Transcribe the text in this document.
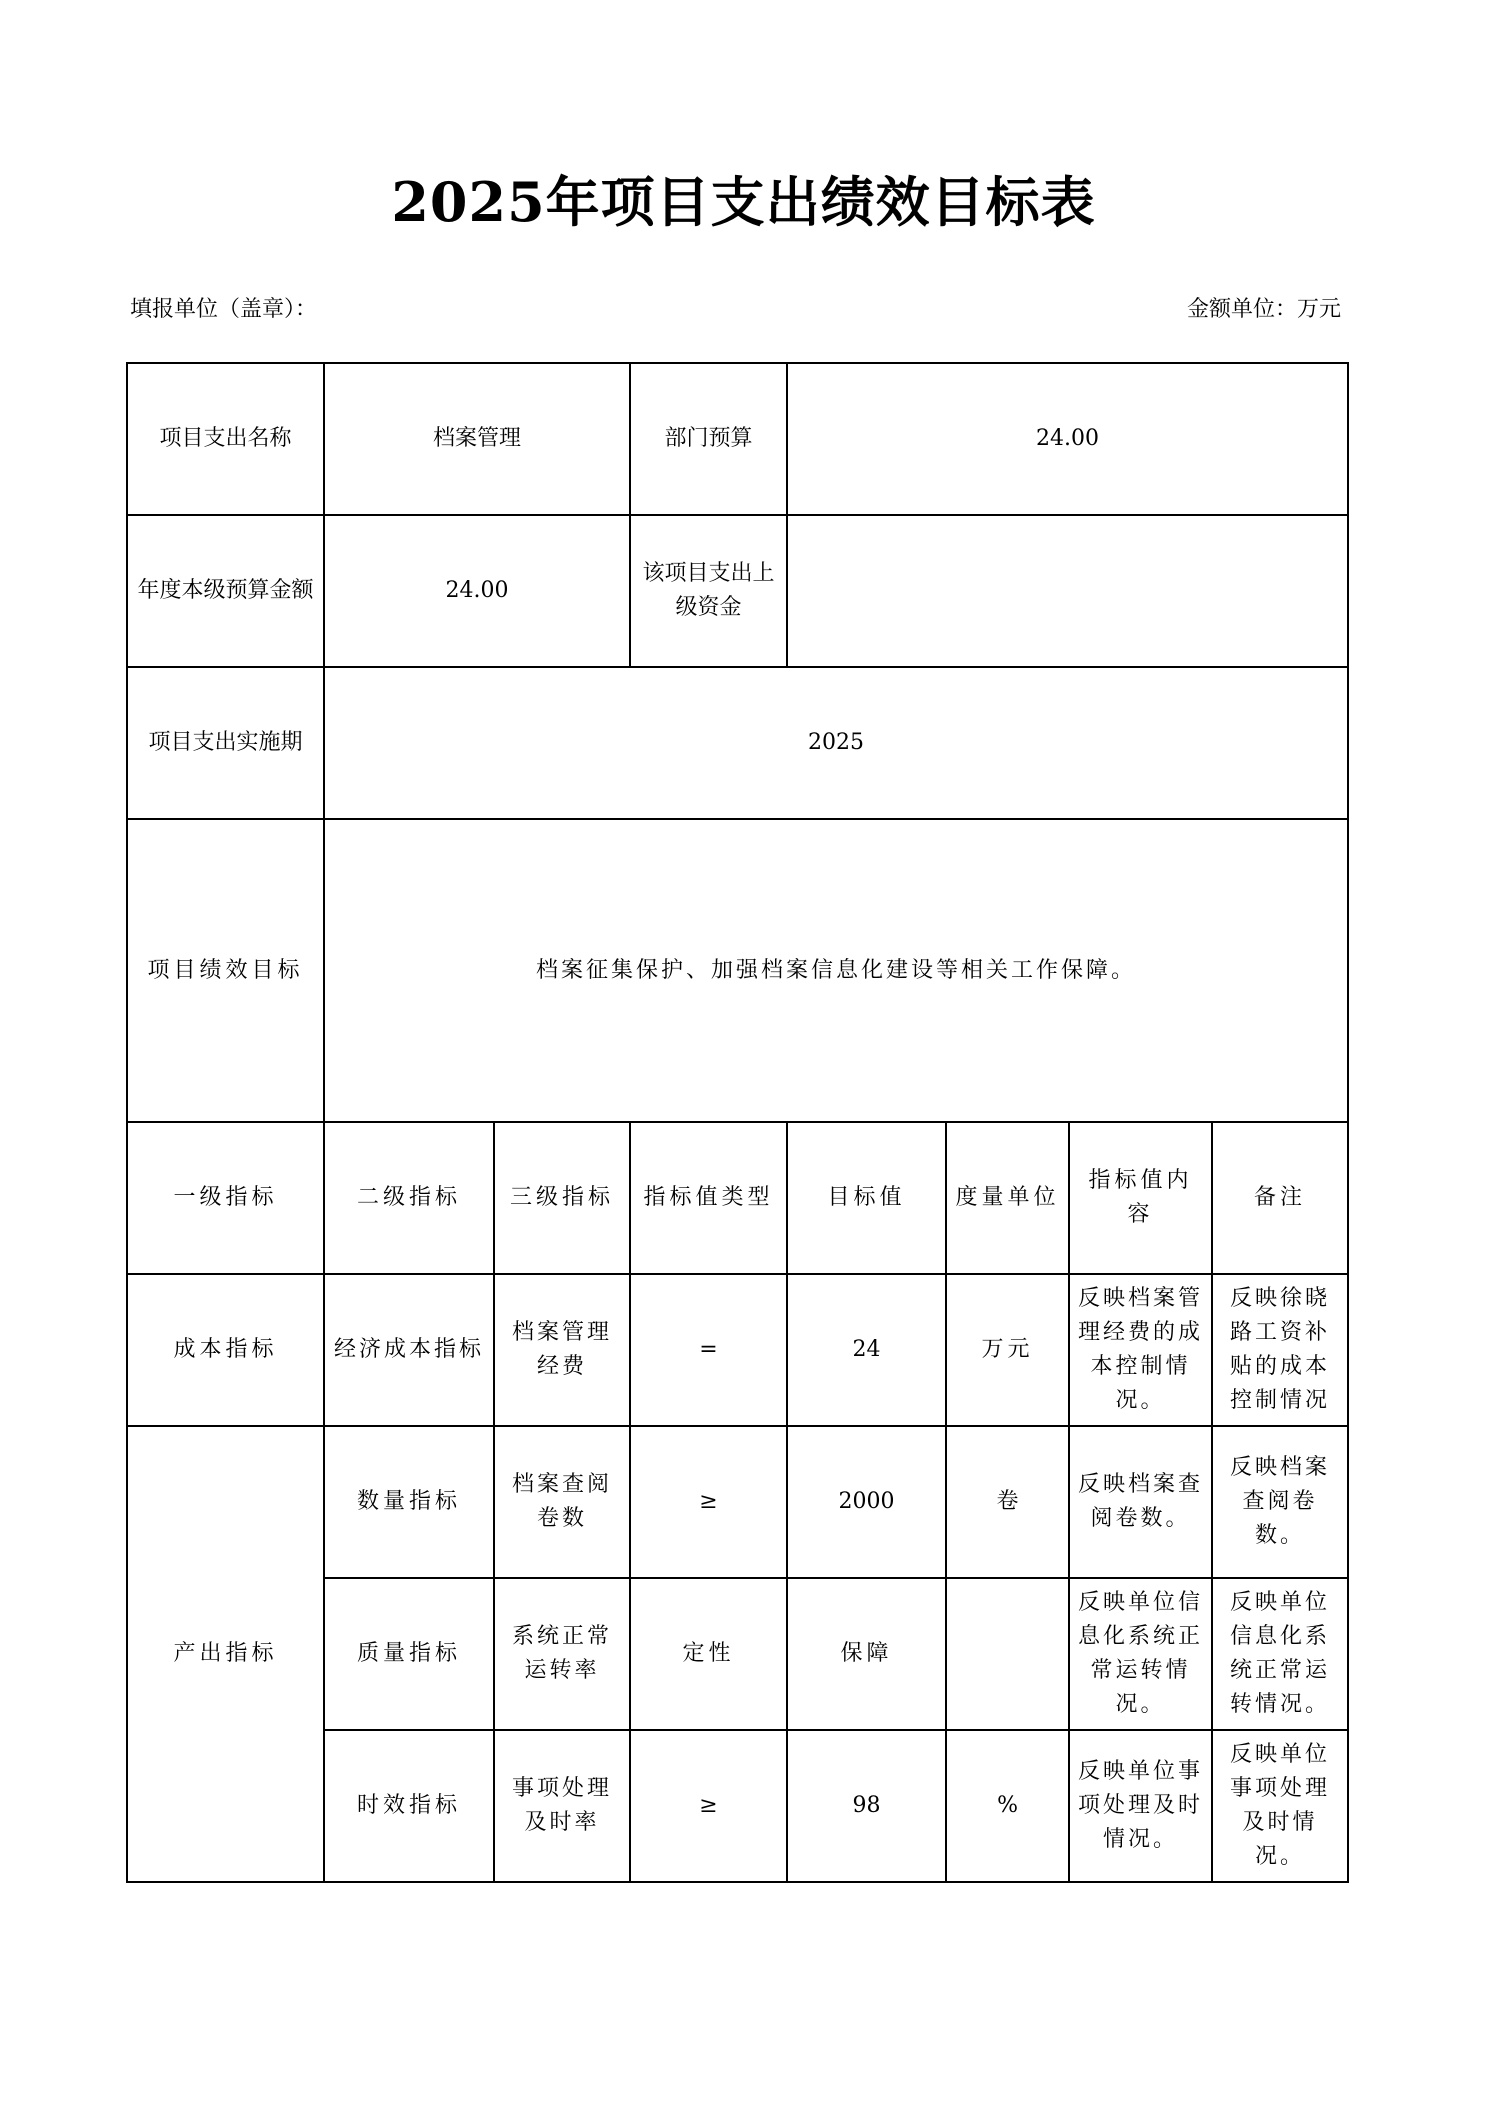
2025年项目支出绩效目标表
填报单位（盖章）：	金额单位：万元
项目支出名称	档案管理		部门预算	24.00			
年度本级预算金额	24.00		该项目支出上级资金				
项目支出实施期	2025						
项目绩效目标	档案征集保护、加强档案信息化建设等相关工作保障。						
一级指标	二级指标	三级指标	指标值类型	目标值	度量单位	指标值内容	备注
成本指标	经济成本指标	档案管理经费	=	24	万元	反映档案管理经费的成本控制情况。	反映徐晓路工资补贴的成本控制情况
产出指标	数量指标	档案查阅卷数	≥	2000	卷	反映档案查阅卷数。	反映档案查阅卷数。
	质量指标	系统正常运转率	定性	保障		反映单位信息化系统正常运转情况。	反映单位信息化系统正常运转情况。
	时效指标	事项处理及时率	≥	98	%	反映单位事项处理及时情况。	反映单位事项处理及时情况。
